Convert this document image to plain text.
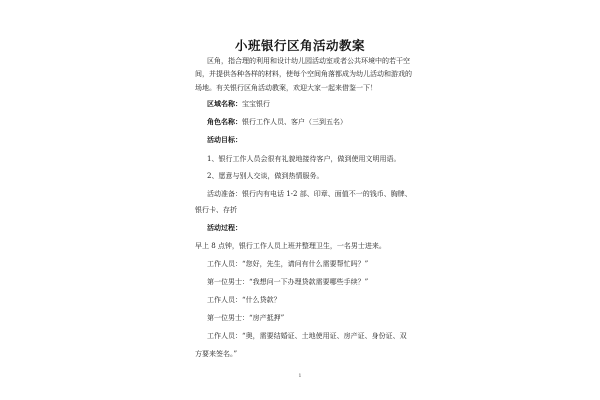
小班银行区角活动教案
区角，指合理的利用和设计幼儿园活动室或者公共环境中的若干空
间，并提供各种各样的材料，使每个空间角落都成为幼儿活动和游戏的
场地。有关银行区角活动教案，欢迎大家一起来借鉴一下！
区域名称：宝宝银行
角色名称：银行工作人员、客户（三到五名）
活动目标：
1、银行工作人员会很有礼貌地接待客户，做到使用文明用语。
2、愿意与别人交谈，做到热情服务。
活动准备：银行内有电话 1-2 部、印章、面值不一的钱币、胸牌、
银行卡、存折
活动过程：
早上 8 点钟，银行工作人员上班并整理卫生，一名男士进来。
工作人员：“您好，先生，请问有什么需要帮忙吗？”
第一位男士：“我想问一下办理贷款需要哪些手续？”
工作人员：“什么贷款？
第一位男士：“房产抵押”
工作人员：“奥，需要结婚证、土地使用证、房产证、身份证、双
方要来签名。”
1
